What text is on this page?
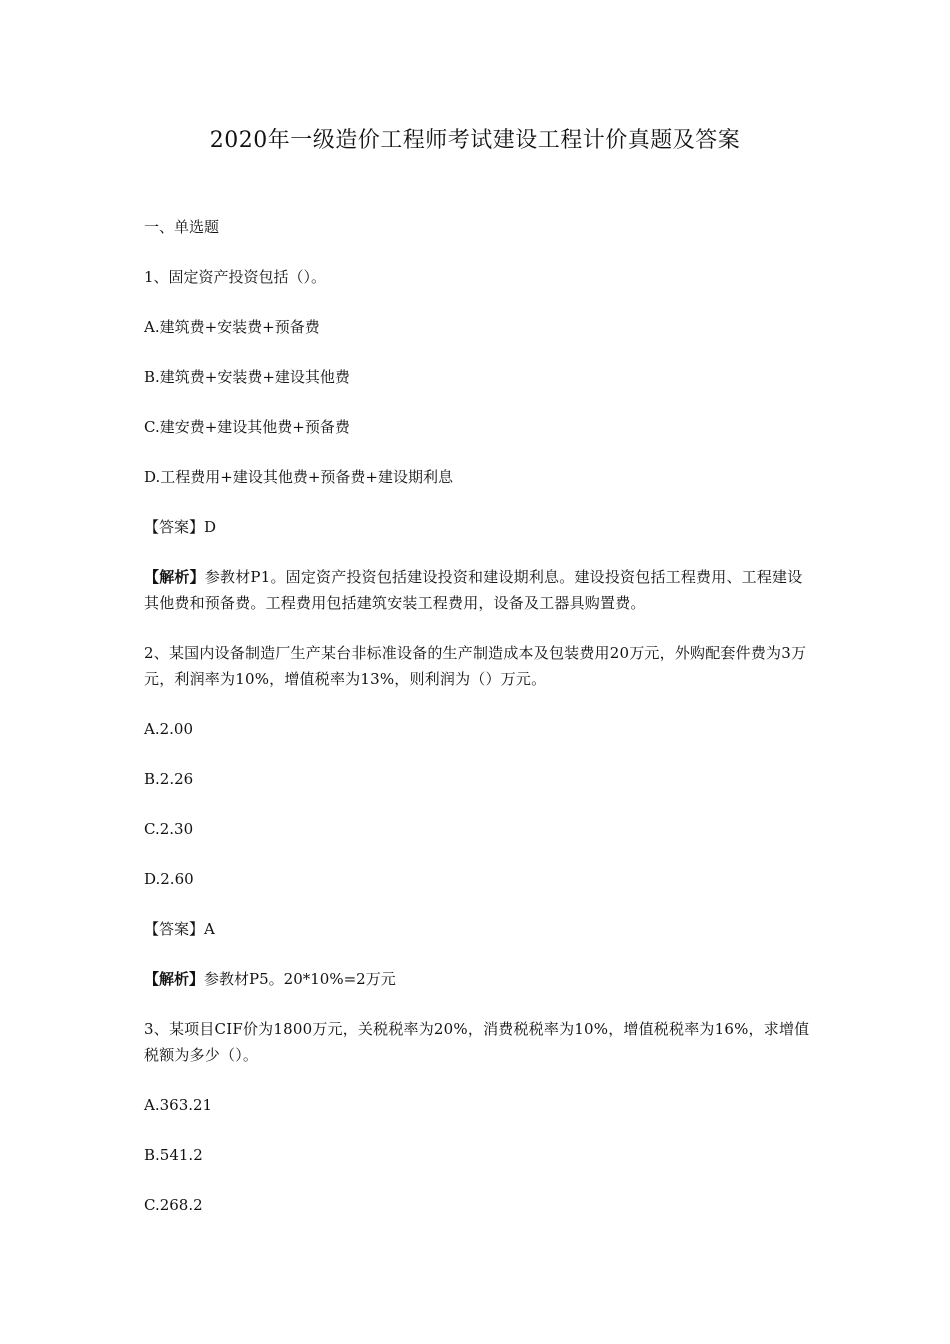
2020年一级造价工程师考试建设工程计价真题及答案

一、单选题

1、固定资产投资包括（）。

A.建筑费+安装费+预备费

B.建筑费+安装费+建设其他费

C.建安费+建设其他费+预备费

D.工程费用+建设其他费+预备费+建设期利息

【答案】D

【解析】参教材P1。固定资产投资包括建设投资和建设期利息。建设投资包括工程费用、工程建设其他费和预备费。工程费用包括建筑安装工程费用，设备及工器具购置费。

2、某国内设备制造厂生产某台非标准设备的生产制造成本及包装费用20万元，外购配套件费为3万元，利润率为10%，增值税率为13%，则利润为（）万元。

A.2.00

B.2.26

C.2.30

D.2.60

【答案】A

【解析】参教材P5。20*10%=2万元

3、某项目CIF价为1800万元，关税税率为20%，消费税税率为10%，增值税税率为16%，求增值税额为多少（）。

A.363.21

B.541.2

C.268.2
